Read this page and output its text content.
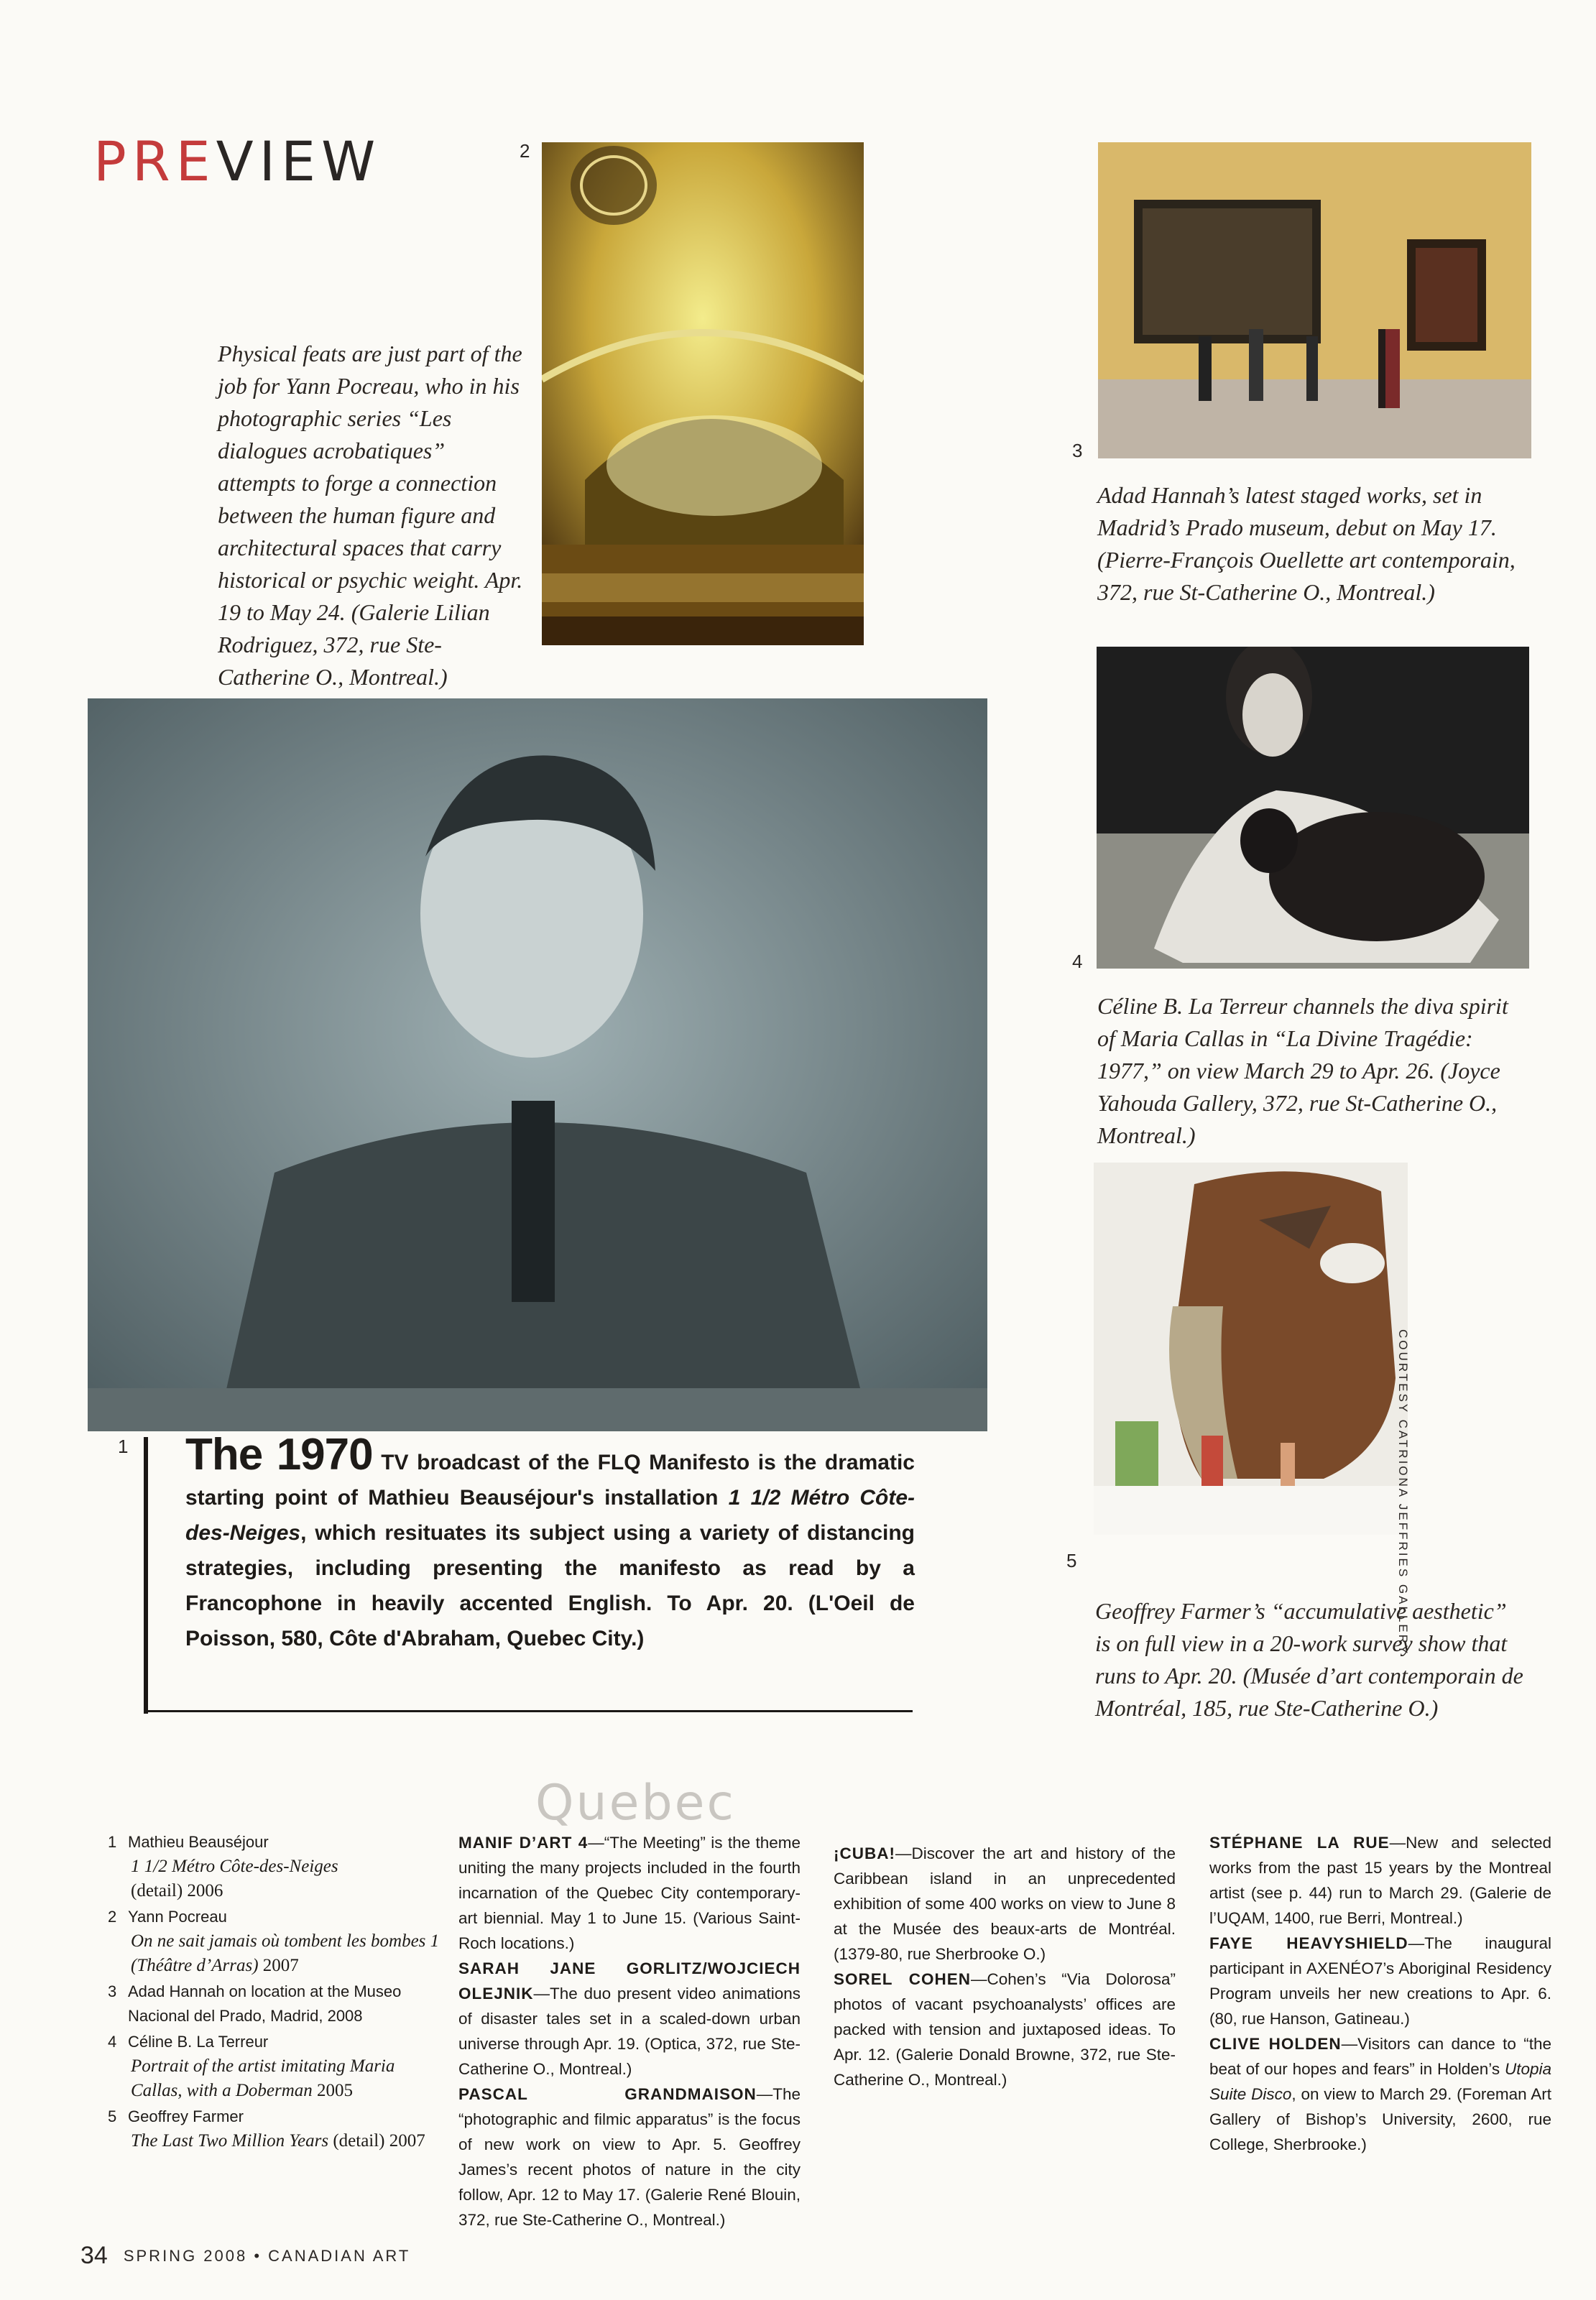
PREVIEW	2
Physical feats are just part of the job for Yann Pocreau, who in his photographic series “Les dialogues acrobatiques” attempts to forge a connection between the human figure and architectural spaces that carry historical or psychic weight. Apr. 19 to May 24. (Galerie Lilian Rodriguez, 372, rue Ste-Catherine O., Montreal.)
3
Adad Hannah’s latest staged works, set in Madrid’s Prado museum, debut on May 17. (Pierre-François Ouellette art contemporain, 372, rue St-Catherine O., Montreal.)
1 The 1970 TV broadcast of the FLQ Manifesto is the dramatic starting point of Mathieu Beauséjour's installation 1 1/2 Métro Côte-des-Neiges, which resituates its subject using a variety of distancing strategies, including presenting the manifesto as read by a Francophone in heavily accented English. To Apr. 20. (L'Oeil de Poisson, 580, Côte d'Abraham, Quebec City.)
4
Céline B. La Terreur channels the diva spirit of Maria Callas in “La Divine Tragédie: 1977,” on view March 29 to Apr. 26. (Joyce Yahouda Gallery, 372, rue St-Catherine O., Montreal.)
COURTESY CATRIONA JEFFRIES GALLERY
5
Geoffrey Farmer’s “accumulative aesthetic” is on full view in a 20-work survey show that runs to Apr. 20. (Musée d’art contemporain de Montréal, 185, rue Ste-Catherine O.)
Quebec
1 Mathieu Beauséjour
1 1/2 Métro Côte-des-Neiges
(detail) 2006
2 Yann Pocreau
On ne sait jamais où tombent les bombes 1 (Théâtre d’Arras) 2007
3 Adad Hannah on location at the Museo Nacional del Prado, Madrid, 2008
4 Céline B. La Terreur
Portrait of the artist imitating Maria Callas, with a Doberman 2005
5 Geoffrey Farmer
The Last Two Million Years (detail) 2007

MANIF D’ART 4—“The Meeting” is the theme uniting the many projects included in the fourth incarnation of the Quebec City contemporary-art biennial. May 1 to June 15. (Various Saint-Roch locations.)

SARAH JANE GORLITZ/WOJCIECH OLEJNIK—The duo present video animations of disaster tales set in a scaled-down urban universe through Apr. 19. (Optica, 372, rue Ste-Catherine O., Montreal.)

PASCAL GRANDMAISON—The “photographic and filmic apparatus” is the focus of new work on view to Apr. 5. Geoffrey James’s recent photos of nature in the city follow, Apr. 12 to May 17. (Galerie René Blouin, 372, rue Ste-Catherine O., Montreal.)

¡CUBA!—Discover the art and history of the Caribbean island in an unprecedented exhibition of some 400 works on view to June 8 at the Musée des beaux-arts de Montréal. (1379-80, rue Sherbrooke O.)

SOREL COHEN—Cohen’s “Via Dolorosa” photos of vacant psychoanalysts’ offices are packed with tension and juxtaposed ideas. To Apr. 12. (Galerie Donald Browne, 372, rue Ste-Catherine O., Montreal.)

STÉPHANE LA RUE—New and selected works from the past 15 years by the Montreal artist (see p. 44) run to March 29. (Galerie de l’UQAM, 1400, rue Berri, Montreal.)

FAYE HEAVYSHIELD—The inaugural participant in AXENÉO7’s Aboriginal Residency Program unveils her new creations to Apr. 6. (80, rue Hanson, Gatineau.)

CLIVE HOLDEN—Visitors can dance to “the beat of our hopes and fears” in Holden’s Utopia Suite Disco, on view to March 29. (Foreman Art Gallery of Bishop’s University, 2600, rue College, Sherbrooke.)

34 SPRING 2008 • CANADIAN ART
